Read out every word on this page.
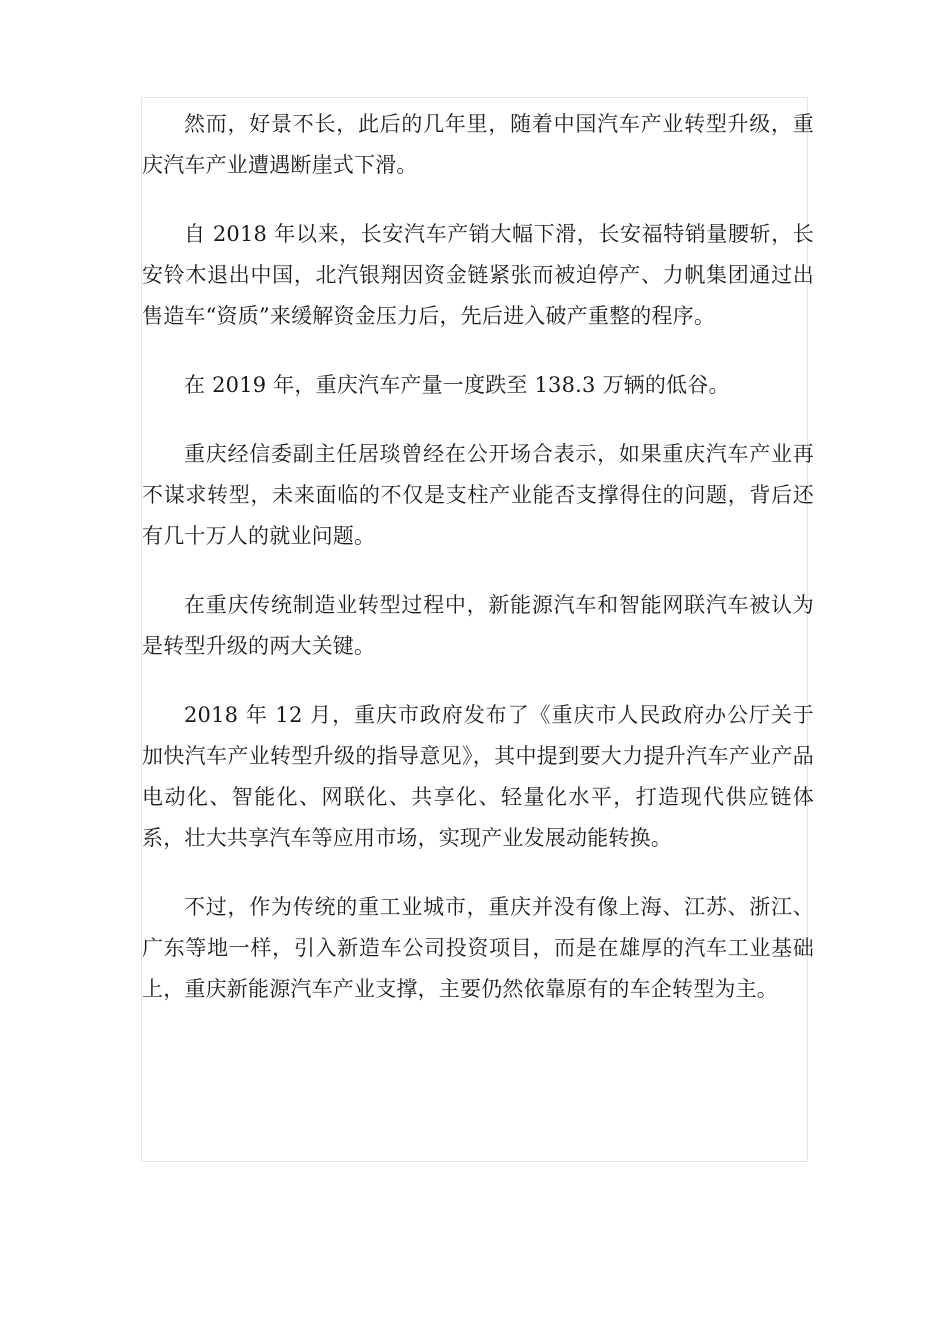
然而，好景不长，此后的几年里，随着中国汽车产业转型升级，重庆汽车产业遭遇断崖式下滑。

自 2018 年以来，长安汽车产销大幅下滑，长安福特销量腰斩，长安铃木退出中国，北汽银翔因资金链紧张而被迫停产、力帆集团通过出售造车“资质”来缓解资金压力后，先后进入破产重整的程序。

在 2019 年，重庆汽车产量一度跌至 138.3 万辆的低谷。

重庆经信委副主任居琰曾经在公开场合表示，如果重庆汽车产业再不谋求转型，未来面临的不仅是支柱产业能否支撑得住的问题，背后还有几十万人的就业问题。

在重庆传统制造业转型过程中，新能源汽车和智能网联汽车被认为是转型升级的两大关键。

2018 年 12 月，重庆市政府发布了《重庆市人民政府办公厅关于加快汽车产业转型升级的指导意见》，其中提到要大力提升汽车产业产品电动化、智能化、网联化、共享化、轻量化水平，打造现代供应链体系，壮大共享汽车等应用市场，实现产业发展动能转换。

不过，作为传统的重工业城市，重庆并没有像上海、江苏、浙江、广东等地一样，引入新造车公司投资项目，而是在雄厚的汽车工业基础上，重庆新能源汽车产业支撑，主要仍然依靠原有的车企转型为主。
